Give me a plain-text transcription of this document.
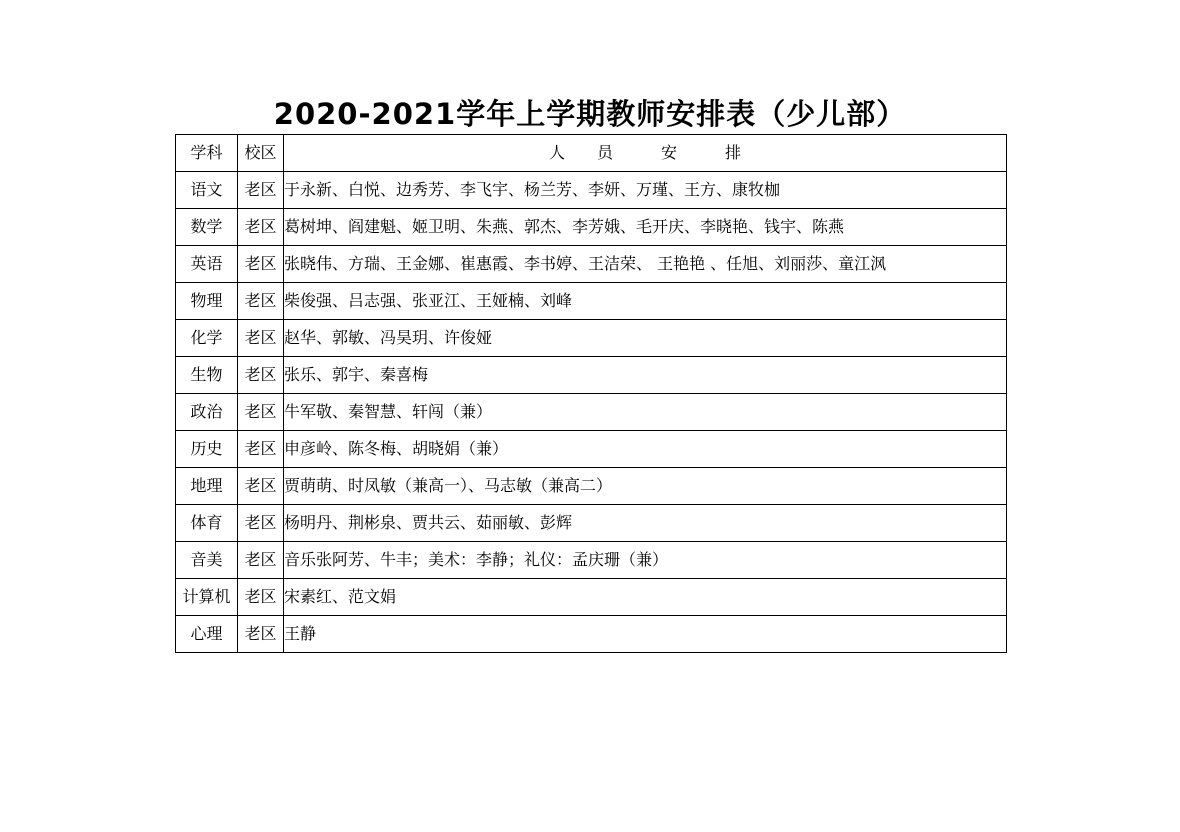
2020-2021学年上学期教师安排表（少儿部）
学科	校区	人　　员　　　安　　　排
语文	老区	于永新、白悦、边秀芳、李飞宇、杨兰芳、李妍、万瑾、王方、康牧枷
数学	老区	葛树坤、阎建魁、姬卫明、朱燕、郭杰、李芳娥、毛开庆、李晓艳、钱宇、陈燕
英语	老区	张晓伟、方瑞、王金娜、崔惠霞、李书婷、王洁荣、 王艳艳 、任旭、刘丽莎、童江沨
物理	老区	柴俊强、吕志强、张亚江、王娅楠、刘峰
化学	老区	赵华、郭敏、冯昊玥、许俊娅
生物	老区	张乐、郭宇、秦喜梅
政治	老区	牛军敬、秦智慧、轩闯（兼）
历史	老区	申彦岭、陈冬梅、胡晓娟（兼）
地理	老区	贾萌萌、时凤敏（兼高一）、马志敏（兼高二）
体育	老区	杨明丹、荆彬泉、贾共云、茹丽敏、彭辉
音美	老区	音乐张阿芳、牛丰；美术：李静；礼仪：孟庆珊（兼）
计算机	老区	宋素红、范文娟
心理	老区	王静
